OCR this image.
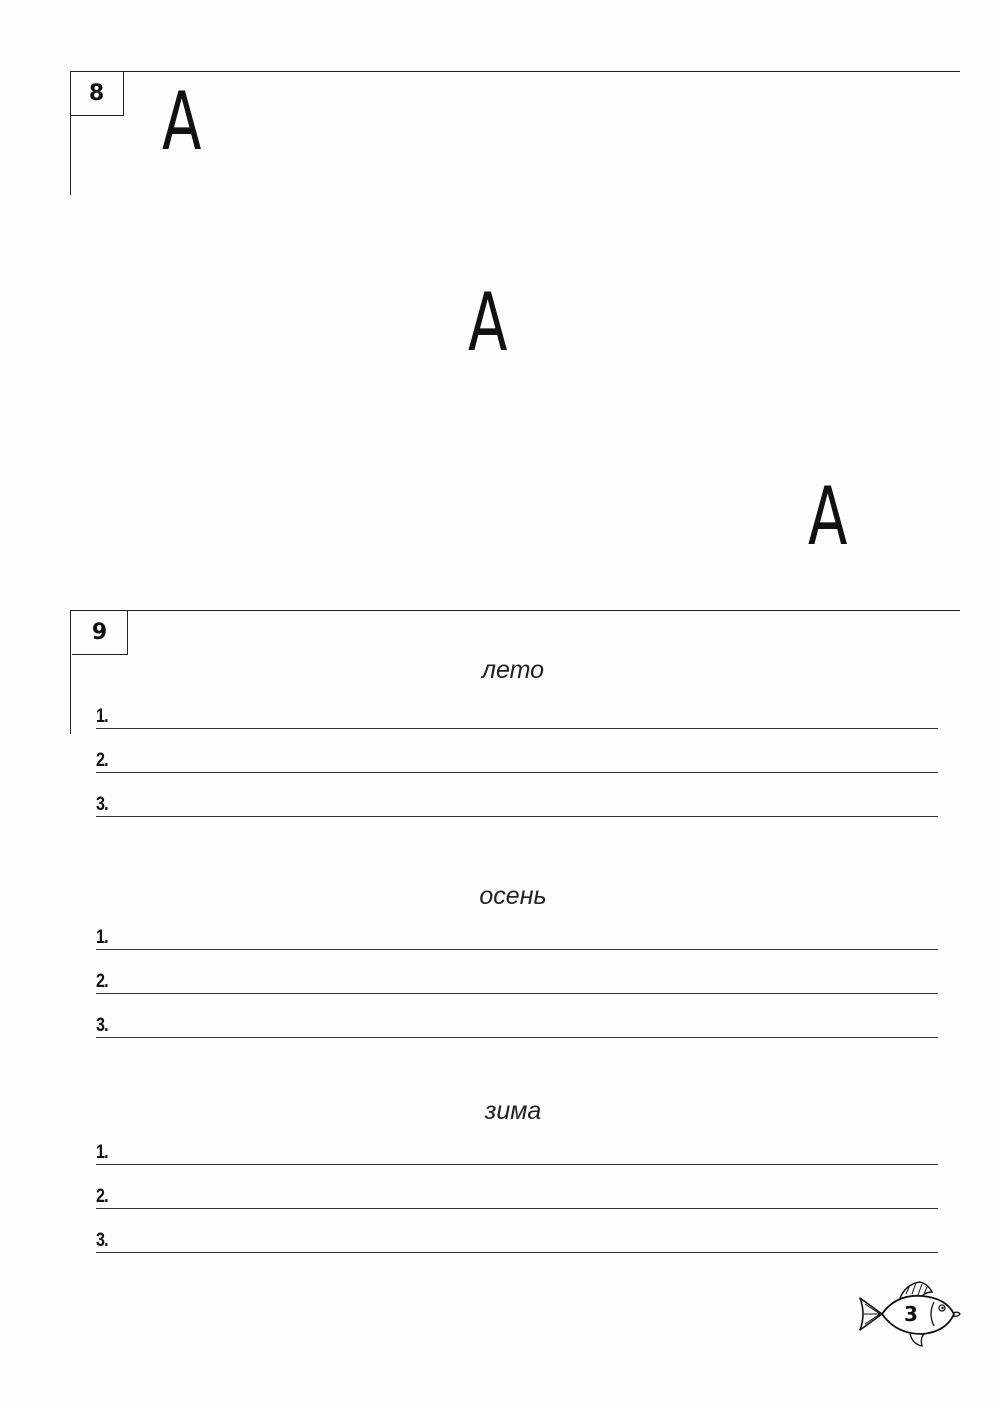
8 А
А
А
9
лето
1.
2.
3.
осень
1.
2.
3.
зима
1.
2.
3.
3
